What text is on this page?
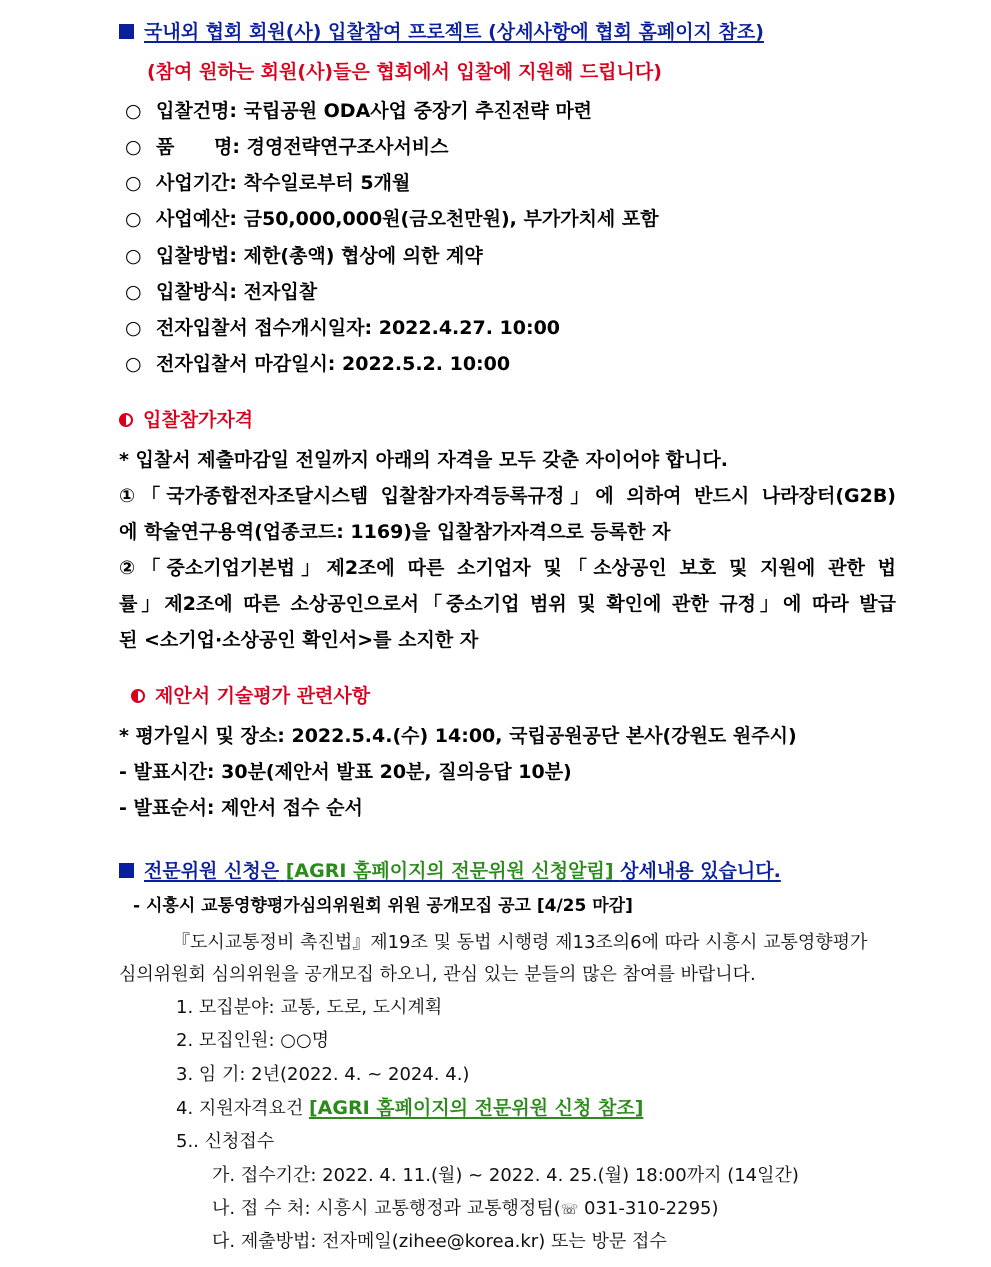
국내외 협회 회원(사) 입찰참여 프로젝트 (상세사항에 협회 홈페이지 참조)
(참여 원하는 회원(사)들은 협회에서 입찰에 지원해 드립니다)
○ 입찰건명: 국립공원 ODA사업 중장기 추진전략 마련
○ 품      명: 경영전략연구조사서비스
○ 사업기간: 착수일로부터 5개월
○ 사업예산: 금50,000,000원(금오천만원), 부가가치세 포함
○ 입찰방법: 제한(총액) 협상에 의한 계약
○ 입찰방식: 전자입찰
○ 전자입찰서 접수개시일자: 2022.4.27. 10:00
○ 전자입찰서 마감일시: 2022.5.2. 10:00
입찰참가자격
* 입찰서 제출마감일 전일까지 아래의 자격을 모두 갖춘 자이어야 합니다.
①「국가종합전자조달시스템 입찰참가자격등록규정」에 의하여 반드시 나라장터(G2B)
에 학술연구용역(업종코드: 1169)을 입찰참가자격으로 등록한 자
②「중소기업기본법」제2조에 따른 소기업자 및「소상공인 보호 및 지원에 관한 법
률」제2조에 따른 소상공인으로서「중소기업 범위 및 확인에 관한 규정」에 따라 발급
된 <소기업·소상공인 확인서>를 소지한 자
제안서 기술평가 관련사항
* 평가일시 및 장소: 2022.5.4.(수) 14:00, 국립공원공단 본사(강원도 원주시)
- 발표시간: 30분(제안서 발표 20분, 질의응답 10분)
- 발표순서: 제안서 접수 순서
전문위원 신청은 [AGRI 홈페이지의 전문위원 신청알림] 상세내용 있습니다.
- 시흥시 교통영향평가심의위원회 위원 공개모집 공고 [4/25 마감]
『도시교통정비 촉진법』제19조 및 동법 시행령 제13조의6에 따라 시흥시 교통영향평가
심의위원회 심의위원을 공개모집 하오니, 관심 있는 분들의 많은 참여를 바랍니다.
1. 모집분야: 교통, 도로, 도시계획
2. 모집인원: ○○명
3. 임 기: 2년(2022. 4. ~ 2024. 4.)
4. 지원자격요건 [AGRI 홈페이지의 전문위원 신청 참조]
5.. 신청접수
가. 접수기간: 2022. 4. 11.(월) ~ 2022. 4. 25.(월) 18:00까지 (14일간)
나. 접 수 처: 시흥시 교통행정과 교통행정팀(☏ 031-310-2295)
다. 제출방법: 전자메일(zihee@korea.kr) 또는 방문 접수
